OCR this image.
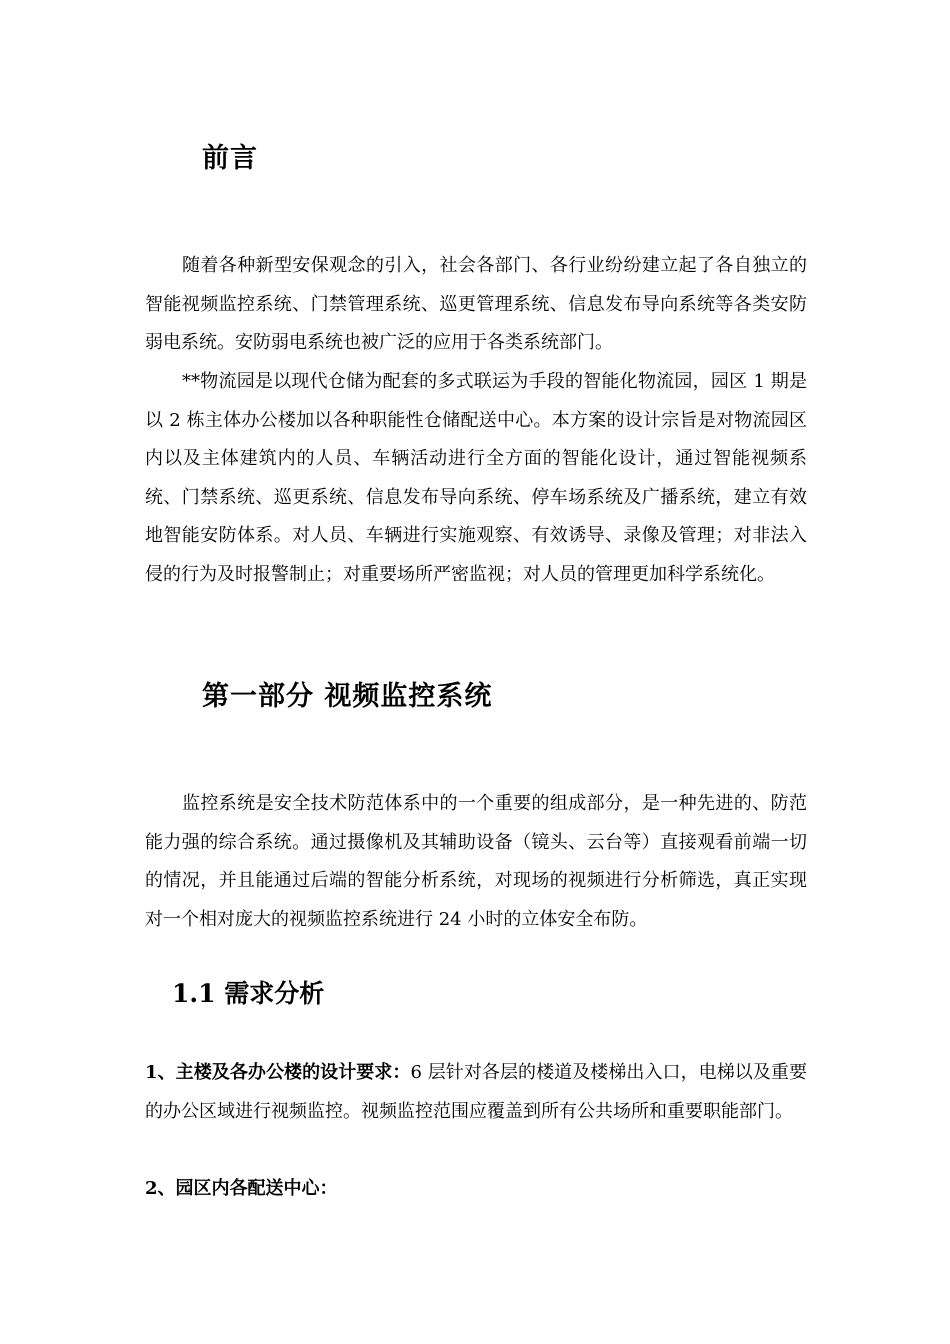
前言

随着各种新型安保观念的引入，社会各部门、各行业纷纷建立起了各自独立的智能视频监控系统、门禁管理系统、巡更管理系统、信息发布导向系统等各类安防弱电系统。安防弱电系统也被广泛的应用于各类系统部门。

**物流园是以现代仓储为配套的多式联运为手段的智能化物流园，园区 1 期是以 2 栋主体办公楼加以各种职能性仓储配送中心。本方案的设计宗旨是对物流园区内以及主体建筑内的人员、车辆活动进行全方面的智能化设计，通过智能视频系统、门禁系统、巡更系统、信息发布导向系统、停车场系统及广播系统，建立有效地智能安防体系。对人员、车辆进行实施观察、有效诱导、录像及管理；对非法入侵的行为及时报警制止；对重要场所严密监视；对人员的管理更加科学系统化。

第一部分 视频监控系统

监控系统是安全技术防范体系中的一个重要的组成部分，是一种先进的、防范能力强的综合系统。通过摄像机及其辅助设备（镜头、云台等）直接观看前端一切的情况，并且能通过后端的智能分析系统，对现场的视频进行分析筛选，真正实现对一个相对庞大的视频监控系统进行 24 小时的立体安全布防。

1.1 需求分析

1、主楼及各办公楼的设计要求：6 层针对各层的楼道及楼梯出入口，电梯以及重要的办公区域进行视频监控。视频监控范围应覆盖到所有公共场所和重要职能部门。

2、园区内各配送中心：
